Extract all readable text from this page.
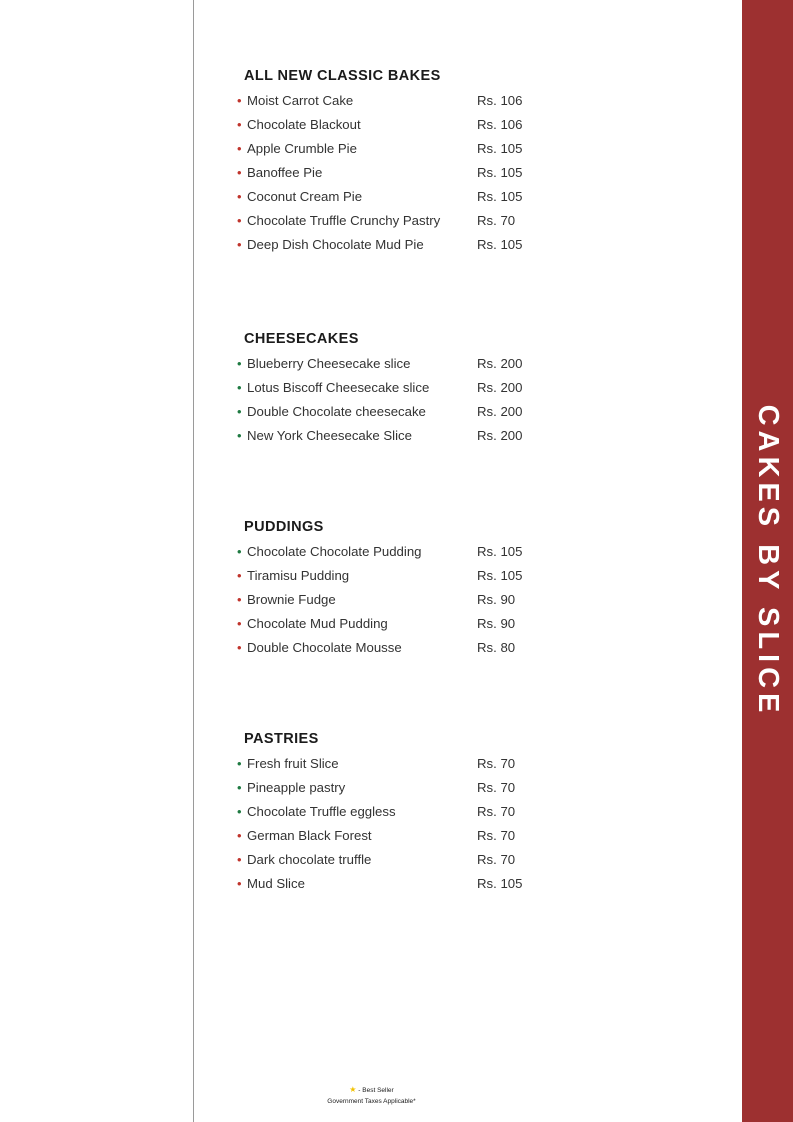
ALL NEW CLASSIC BAKES
•
Moist Carrot Cake	Rs. 106
•
Chocolate Blackout	Rs. 106
•
Apple Crumble Pie	Rs. 105
•
Banoffee Pie	Rs. 105
•
Coconut Cream Pie	Rs. 105
•
Chocolate Truffle Crunchy Pastry	Rs. 70
•
Deep Dish Chocolate Mud Pie	Rs. 105
CHEESECAKES
•
Blueberry Cheesecake slice	Rs. 200
•
Lotus Biscoff Cheesecake slice	Rs. 200
•
Double Chocolate cheesecake	Rs. 200
•
New York Cheesecake Slice	Rs. 200
PUDDINGS
•
Chocolate Chocolate Pudding	Rs. 105
•
Tiramisu Pudding	Rs. 105
•
Brownie Fudge	Rs. 90
•
Chocolate Mud Pudding	Rs. 90
•
Double Chocolate Mousse	Rs. 80
PASTRIES
•
Fresh fruit Slice	Rs. 70
•
Pineapple pastry	Rs. 70
•
Chocolate Truffle eggless	Rs. 70
•
German Black Forest	Rs. 70
•
Dark chocolate truffle	Rs. 70
•
Mud Slice	Rs. 105
★ - Best Seller
Government Taxes Applicable*
CAKES BY SLICE
